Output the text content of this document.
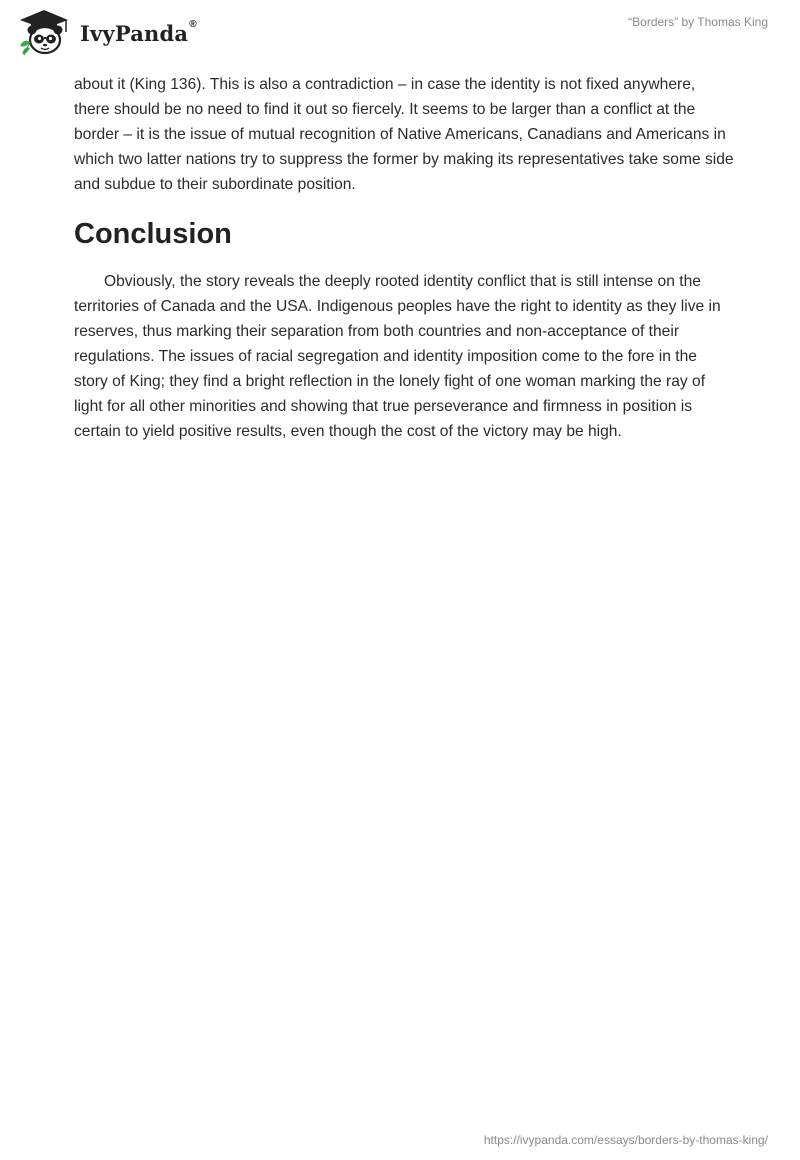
IvyPanda®	“Borders” by Thomas King

about it (King 136). This is also a contradiction – in case the identity is not fixed anywhere, there should be no need to find it out so fiercely. It seems to be larger than a conflict at the border – it is the issue of mutual recognition of Native Americans, Canadians and Americans in which two latter nations try to suppress the former by making its representatives take some side and subdue to their subordinate position.

Conclusion

Obviously, the story reveals the deeply rooted identity conflict that is still intense on the territories of Canada and the USA. Indigenous peoples have the right to identity as they live in reserves, thus marking their separation from both countries and non-acceptance of their regulations. The issues of racial segregation and identity imposition come to the fore in the story of King; they find a bright reflection in the lonely fight of one woman marking the ray of light for all other minorities and showing that true perseverance and firmness in position is certain to yield positive results, even though the cost of the victory may be high.

https://ivypanda.com/essays/borders-by-thomas-king/
